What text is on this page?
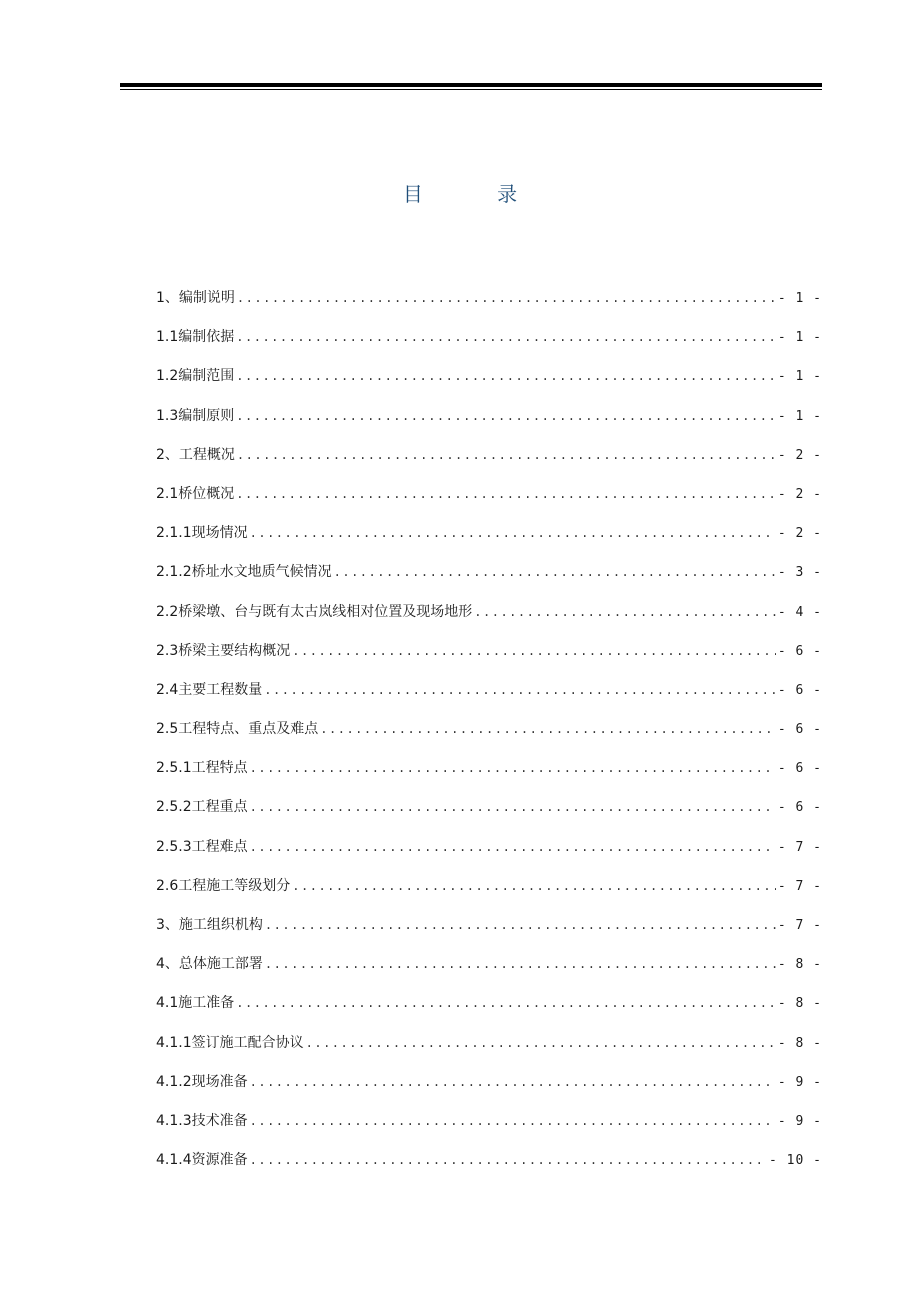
目 录
1、编制说明 .....	- 1 -
1.1编制依据 .....	- 1 -
1.2编制范围 .....	- 1 -
1.3编制原则 .....	- 1 -
2、工程概况 .....	- 2 -
2.1桥位概况 .....	- 2 -
2.1.1现场情况 .....	- 2 -
2.1.2桥址水文地质气候情况 .....	- 3 -
2.2桥梁墩、台与既有太古岚线相对位置及现场地形 .....	- 4 -
2.3桥梁主要结构概况 .....	- 6 -
2.4主要工程数量 .....	- 6 -
2.5工程特点、重点及难点 .....	- 6 -
2.5.1工程特点 .....	- 6 -
2.5.2工程重点 .....	- 6 -
2.5.3工程难点 .....	- 7 -
2.6工程施工等级划分 .....	- 7 -
3、施工组织机构 .....	- 7 -
4、总体施工部署 .....	- 8 -
4.1施工准备 .....	- 8 -
4.1.1签订施工配合协议 .....	- 8 -
4.1.2现场准备 .....	- 9 -
4.1.3技术准备 .....	- 9 -
4.1.4资源准备 .....	- 10 -
